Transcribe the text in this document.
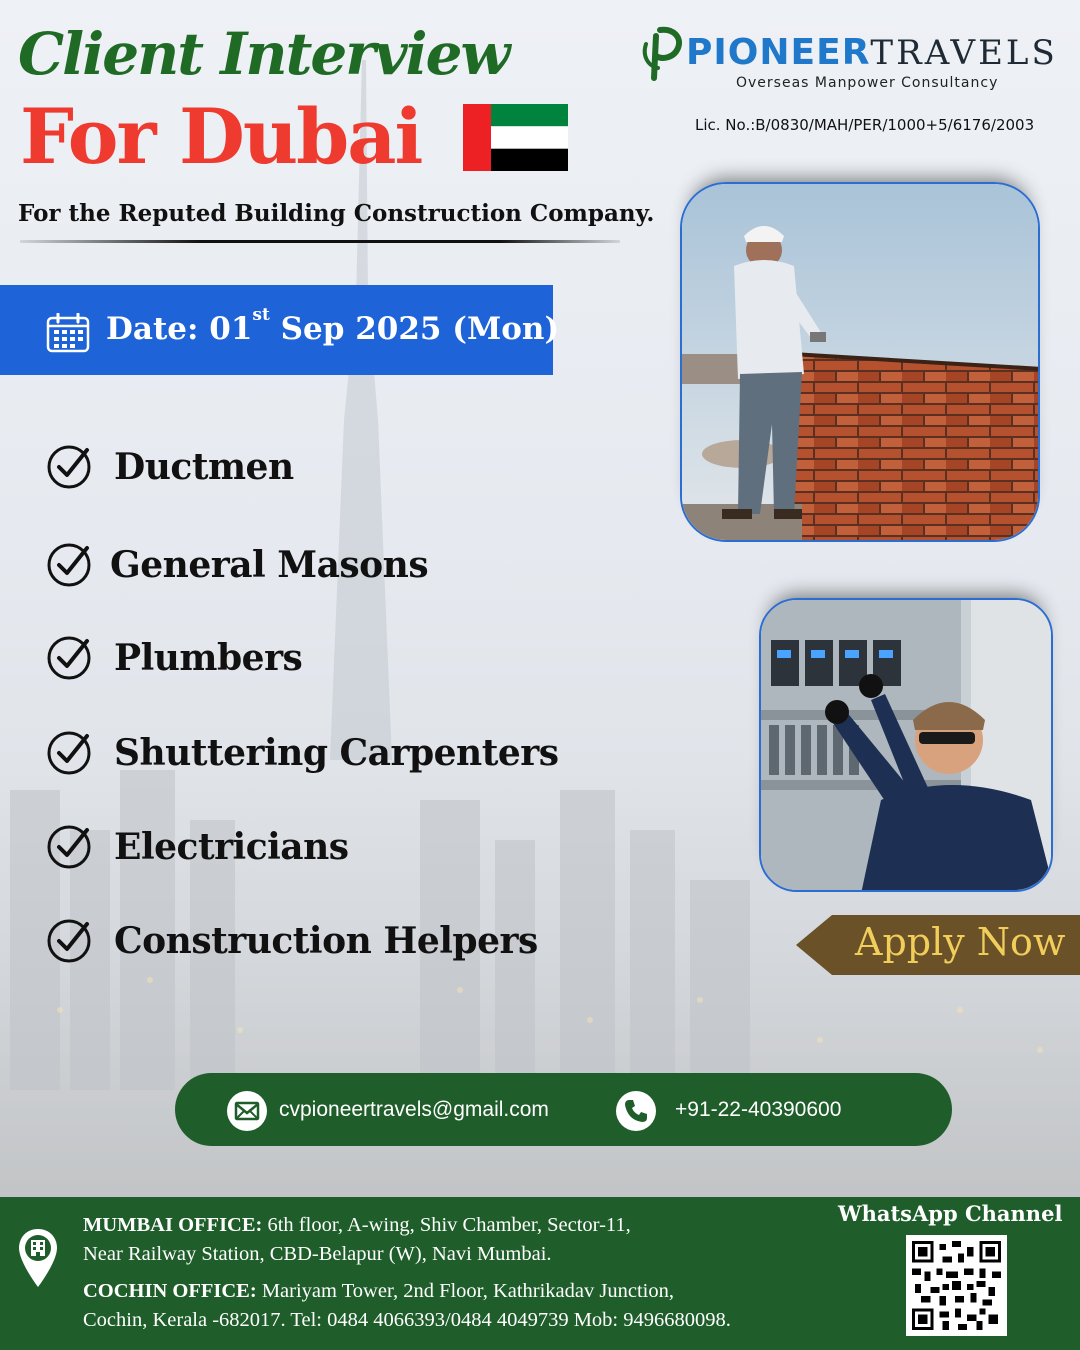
Client Interview
For Dubai
For the Reputed Building Construction Company.
PIONEERTRAVELS
Overseas Manpower Consultancy
Lic. No.:B/0830/MAH/PER/1000+5/6176/2003
Date: 01st Sep 2025 (Mon)
Ductmen
General Masons
Plumbers
Shuttering Carpenters
Electricians
Construction Helpers	Apply Now
cvpioneertravels@gmail.com	+91-22-40390600
MUMBAI OFFICE: 6th floor, A-wing, Shiv Chamber, Sector-11,
Near Railway Station, CBD-Belapur (W), Navi Mumbai.
COCHIN OFFICE: Mariyam Tower, 2nd Floor, Kathrikadav Junction,
Cochin, Kerala -682017. Tel: 0484 4066393/0484 4049739 Mob: 9496680098.
WhatsApp Channel
